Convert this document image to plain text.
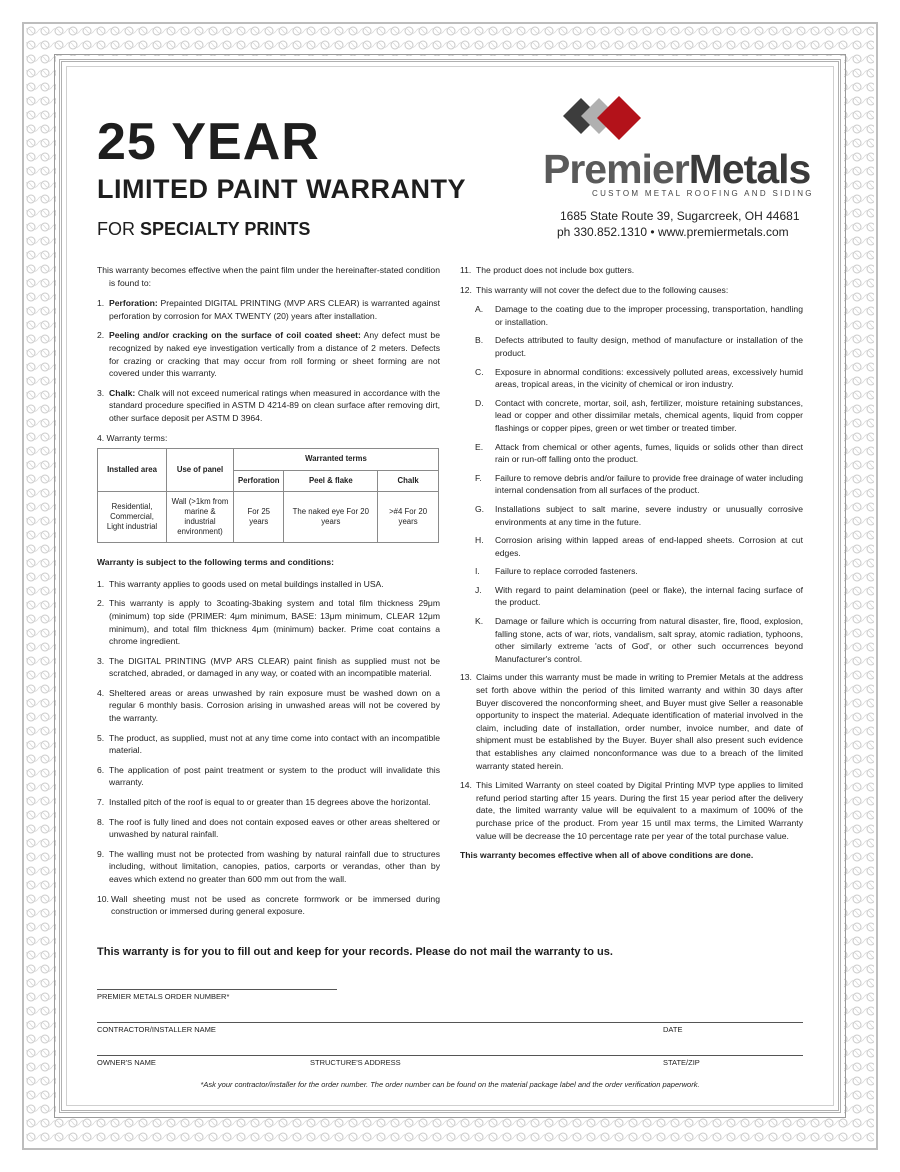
25 YEAR
LIMITED PAINT WARRANTY
FOR SPECIALTY PRINTS
PremierMetals
CUSTOM METAL ROOFING AND SIDING
1685 State Route 39, Sugarcreek, OH 44681
ph 330.852.1310 • www.premiermetals.com

This warranty becomes effective when the paint film under the hereinafter-stated condition is found to:

1. Perforation: Prepainted DIGITAL PRINTING (MVP ARS CLEAR) is warranted against perforation by corrosion for MAX TWENTY (20) years after installation.
2. Peeling and/or cracking on the surface of coil coated sheet: Any defect must be recognized by naked eye investigation vertically from a distance of 2 meters. Defects for crazing or cracking that may occur from roll forming or sheet forming are not covered under this warranty.
3. Chalk: Chalk will not exceed numerical ratings when measured in accordance with the standard procedure specified in ASTM D 4214-89 on clean surface after removing dirt, other surface deposit per ASTM D 3964.
4. Warranty terms:
Installed area	Use of panel	Warranted terms		
		Perforation	Peel & flake	Chalk
Residential, Commercial, Light industrial	Wall (>1km from marine & industrial environment)	For 25 years	The naked eye For 20 years	>#4 For 20 years
Warranty is subject to the following terms and conditions:
1. This warranty applies to goods used on metal buildings installed in USA.
2. This warranty is apply to 3coating-3baking system and total film thickness 29μm (minimum) top side (PRIMER: 4μm minimum, BASE: 13μm minimum, CLEAR 12μm minimum), and total film thickness 4μm (minimum) backer. Prime coat contains a chrome ingredient.
3. The DIGITAL PRINTING (MVP ARS CLEAR) paint finish as supplied must not be scratched, abraded, or damaged in any way, or coated with an incompatible material.
4. Sheltered areas or areas unwashed by rain exposure must be washed down on a regular 6 monthly basis. Corrosion arising in unwashed areas will not be covered by the warranty.
5. The product, as supplied, must not at any time come into contact with an incompatible material.
6. The application of post paint treatment or system to the product will invalidate this warranty.
7. Installed pitch of the roof is equal to or greater than 15 degrees above the horizontal.
8. The roof is fully lined and does not contain exposed eaves or other areas sheltered or unwashed by natural rainfall.
9. The walling must not be protected from washing by natural rainfall due to structures including, without limitation, canopies, patios, carports or verandas, other than by eaves which extend no greater than 600 mm out from the wall.
10. Wall sheeting must not be used as concrete formwork or be immersed during construction or immersed during general exposure.
11. The product does not include box gutters.
12. This warranty will not cover the defect due to the following causes:
A.	Damage to the coating due to the improper processing, transportation, handling or installation.
B.	Defects attributed to faulty design, method of manufacture or installation of the product.
C.	Exposure in abnormal conditions: excessively polluted areas, excessively humid areas, tropical areas, in the vicinity of chemical or iron industry.
D.	Contact with concrete, mortar, soil, ash, fertilizer, moisture retaining substances, lead or copper and other dissimilar metals, chemical agents, liquid from copper flashings or copper pipes, green or wet timber or treated timber.
E.	Attack from chemical or other agents, fumes, liquids or solids other than direct rain or run-off falling onto the product.
F.	Failure to remove debris and/or failure to provide free drainage of water including internal condensation from all surfaces of the product.
G.	Installations subject to salt marine, severe industry or unusually corrosive environments at any time in the future.
H.	Corrosion arising within lapped areas of end-lapped sheets. Corrosion at cut edges.
I.	Failure to replace corroded fasteners.
J.	With regard to paint delamination (peel or flake), the internal facing surface of the product.
K.	Damage or failure which is occurring from natural disaster, fire, flood, explosion, falling stone, acts of war, riots, vandalism, salt spray, atomic radiation, typhoons, other similarly extreme 'acts of God', or other such occurrences beyond Manufacturer's control.
13. Claims under this warranty must be made in writing to Premier Metals at the address set forth above within the period of this limited warranty and within 30 days after Buyer discovered the nonconforming sheet, and Buyer must give Seller a reasonable opportunity to inspect the material. Adequate identification of material involved in the claim, including date of installation, order number, invoice number, and date of shipment must be established by the Buyer. Buyer shall also present such evidence that establishes any claimed nonconformance was due to a breach of the limited warranty stated herein.
14. This Limited Warranty on steel coated by Digital Printing MVP type applies to limited refund period starting after 15 years. During the first 15 year period after the delivery date, the limited warranty value will be equivalent to a maximum of 100% of the purchase price of the product. From year 15 until max terms, the Limited Warranty value will be decrease the 10 percentage rate per year of the total purchase value.
This warranty becomes effective when all of above conditions are done.
This warranty is for you to fill out and keep for your records. Please do not mail the warranty to us.
PREMIER METALS ORDER NUMBER*
CONTRACTOR/INSTALLER NAME	DATE
OWNER'S NAME	STRUCTURE'S ADDRESS	STATE/ZIP
*Ask your contractor/installer for the order number. The order number can be found on the material package label and the order verification paperwork.
